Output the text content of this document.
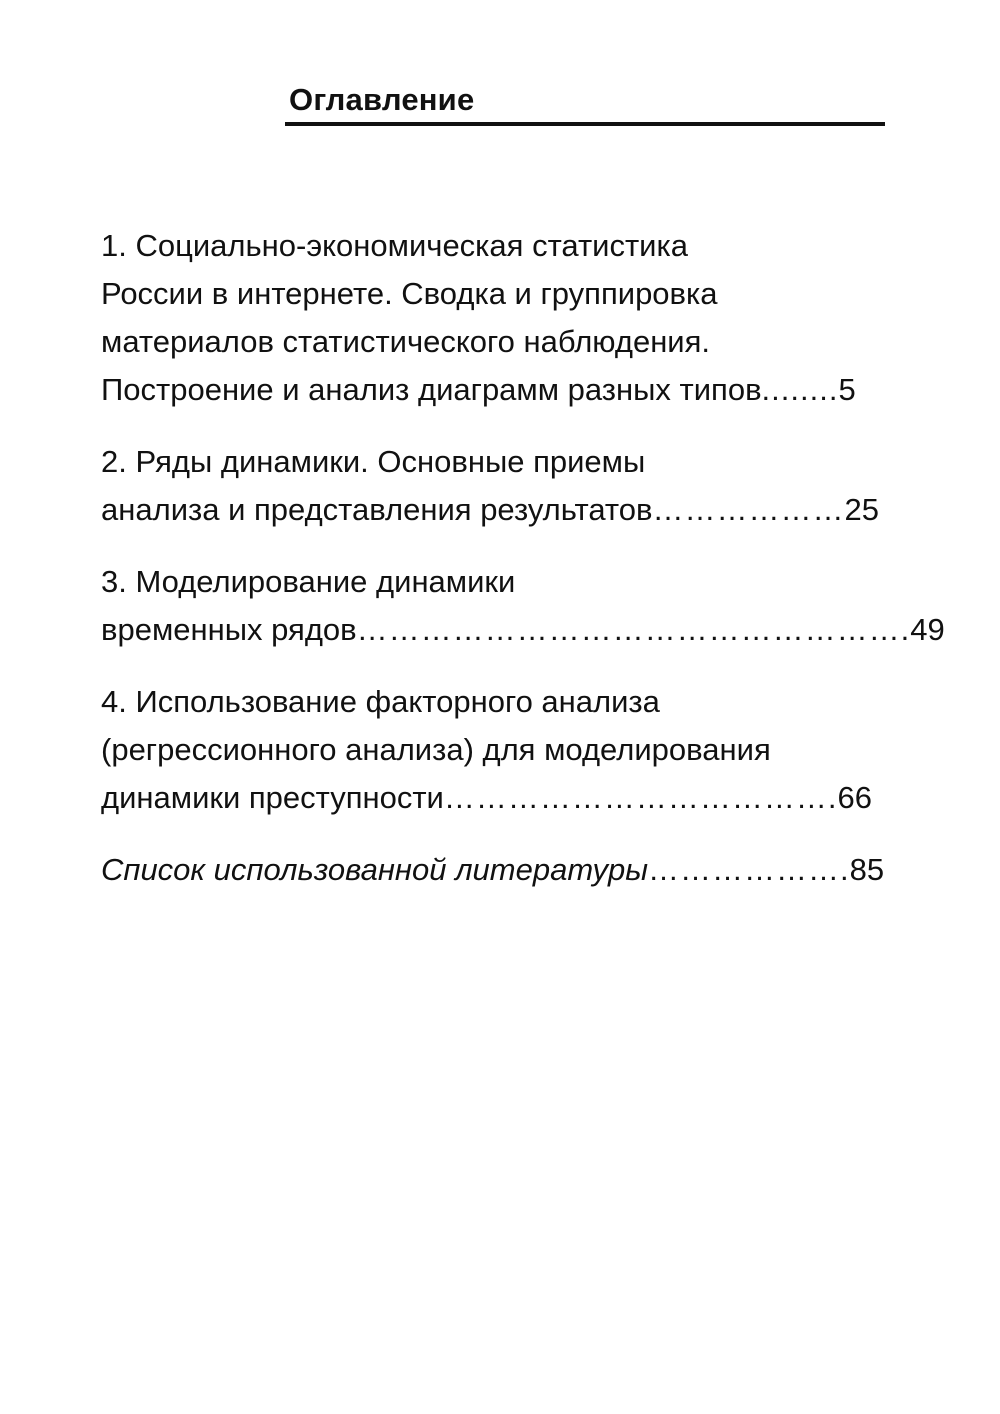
Оглавление
1. Социально-экономическая статистика
России в интернете. Сводка и группировка
материалов статистического наблюдения.
Построение и анализ диаграмм разных типов........5
2. Ряды динамики. Основные приемы
анализа и представления результатов………………25
3. Моделирование динамики
временных рядов…………………………………………….49
4. Использование факторного анализа
(регрессионного анализа) для моделирования
динамики преступности……………………………….66
Список использованной литературы……………….85
